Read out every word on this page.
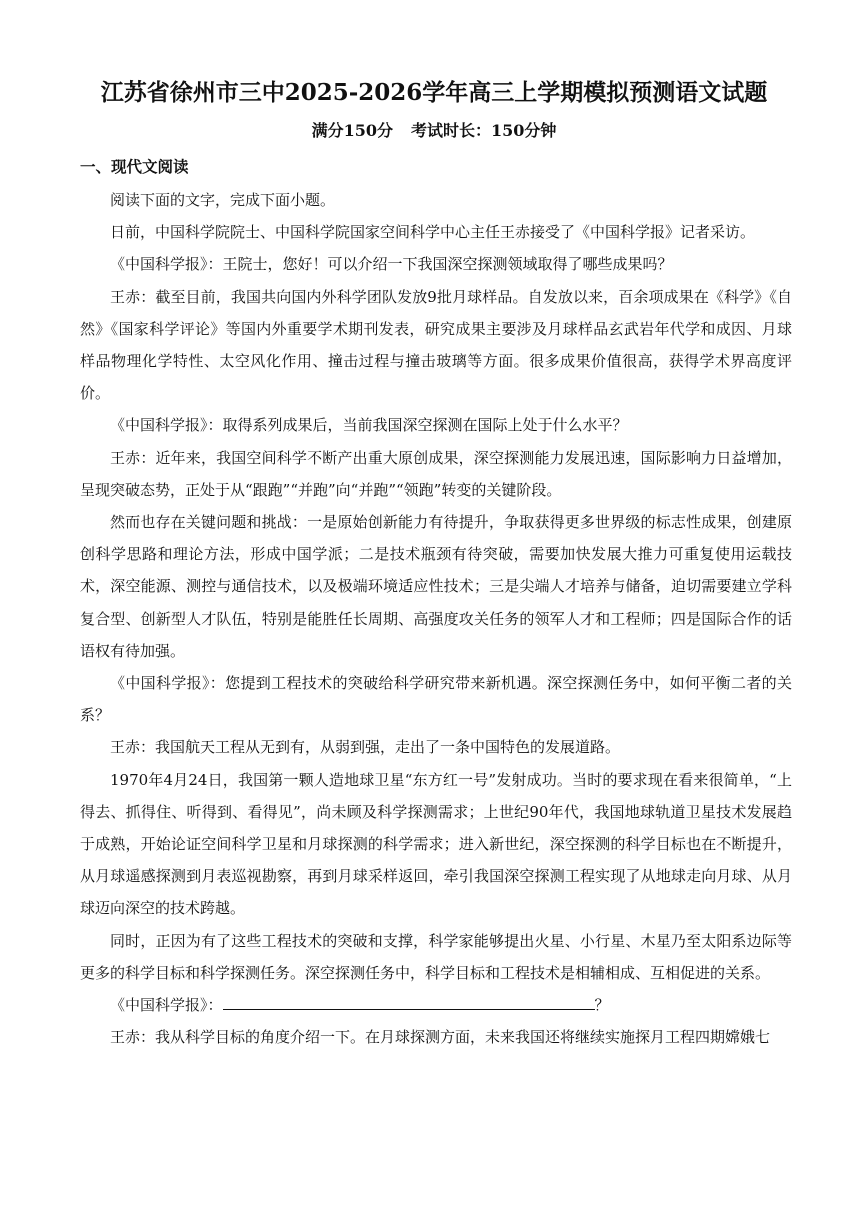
江苏省徐州市三中2025-2026学年高三上学期模拟预测语文试题
满分150分 考试时长：150分钟
一、现代文阅读

阅读下面的文字，完成下面小题。

日前，中国科学院院士、中国科学院国家空间科学中心主任王赤接受了《中国科学报》记者采访。

《中国科学报》：王院士，您好！可以介绍一下我国深空探测领域取得了哪些成果吗？

王赤：截至目前，我国共向国内外科学团队发放9批月球样品。自发放以来，百余项成果在《科学》《自然》《国家科学评论》等国内外重要学术期刊发表，研究成果主要涉及月球样品玄武岩年代学和成因、月球样品物理化学特性、太空风化作用、撞击过程与撞击玻璃等方面。很多成果价值很高，获得学术界高度评价。

《中国科学报》：取得系列成果后，当前我国深空探测在国际上处于什么水平？

王赤：近年来，我国空间科学不断产出重大原创成果，深空探测能力发展迅速，国际影响力日益增加，呈现突破态势，正处于从“跟跑”“并跑”向“并跑”“领跑”转变的关键阶段。

然而也存在关键问题和挑战：一是原始创新能力有待提升，争取获得更多世界级的标志性成果，创建原创科学思路和理论方法，形成中国学派；二是技术瓶颈有待突破，需要加快发展大推力可重复使用运载技术，深空能源、测控与通信技术，以及极端环境适应性技术；三是尖端人才培养与储备，迫切需要建立学科复合型、创新型人才队伍，特别是能胜任长周期、高强度攻关任务的领军人才和工程师；四是国际合作的话语权有待加强。

《中国科学报》：您提到工程技术的突破给科学研究带来新机遇。深空探测任务中，如何平衡二者的关系？

王赤：我国航天工程从无到有，从弱到强，走出了一条中国特色的发展道路。

1970年4月24日，我国第一颗人造地球卫星“东方红一号”发射成功。当时的要求现在看来很简单，“上得去、抓得住、听得到、看得见”，尚未顾及科学探测需求；上世纪90年代，我国地球轨道卫星技术发展趋于成熟，开始论证空间科学卫星和月球探测的科学需求；进入新世纪，深空探测的科学目标也在不断提升，从月球遥感探测到月表巡视勘察，再到月球采样返回，牵引我国深空探测工程实现了从地球走向月球、从月球迈向深空的技术跨越。

同时，正因为有了这些工程技术的突破和支撑，科学家能够提出火星、小行星、木星乃至太阳系边际等更多的科学目标和科学探测任务。深空探测任务中，科学目标和工程技术是相辅相成、互相促进的关系。

《中国科学报》：	？

王赤：我从科学目标的角度介绍一下。在月球探测方面，未来我国还将继续实施探月工程四期嫦娥七
